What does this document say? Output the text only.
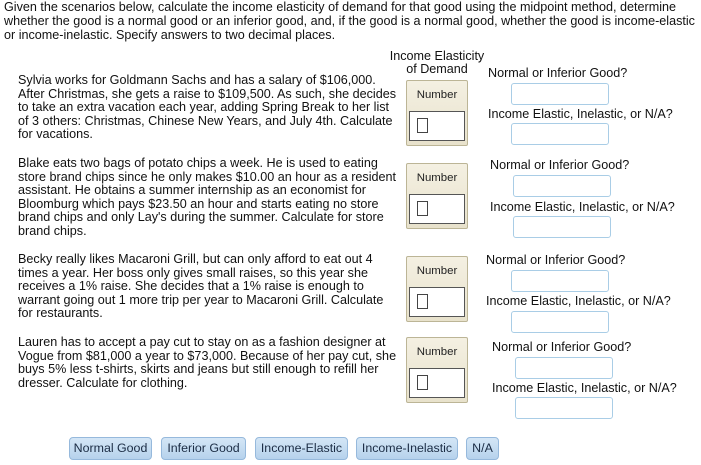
Given the scenarios below, calculate the income elasticity of demand for that good using the midpoint method, determine whether the good is a normal good or an inferior good, and, if the good is a normal good, whether the good is income-elastic or income-inelastic. Specify answers to two decimal places.

Income Elasticity
of Demand

Sylvia works for Goldmann Sachs and has a salary of $106,000. After Christmas, she gets a raise to $109,500. As such, she decides to take an extra vacation each year, adding Spring Break to her list of 3 others: Christmas, Chinese New Years, and July 4th. Calculate for vacations.

Number
Normal or Inferior Good?
Income Elastic, Inelastic, or N/A?

Blake eats two bags of potato chips a week. He is used to eating store brand chips since he only makes $10.00 an hour as a resident assistant. He obtains a summer internship as an economist for Bloomburg which pays $23.50 an hour and starts eating no store brand chips and only Lay's during the summer. Calculate for store brand chips.

Number
Normal or Inferior Good?
Income Elastic, Inelastic, or N/A?

Becky really likes Macaroni Grill, but can only afford to eat out 4 times a year. Her boss only gives small raises, so this year she receives a 1% raise. She decides that a 1% raise is enough to warrant going out 1 more trip per year to Macaroni Grill. Calculate for restaurants.

Number
Normal or Inferior Good?
Income Elastic, Inelastic, or N/A?

Lauren has to accept a pay cut to stay on as a fashion designer at Vogue from $81,000 a year to $73,000. Because of her pay cut, she buys 5% less t-shirts, skirts and jeans but still enough to refill her dresser. Calculate for clothing.

Number	Normal or Inferior Good?
Income Elastic, Inelastic, or N/A?
Normal Good	Inferior Good	Income-Elastic	Income-Inelastic	N/A
